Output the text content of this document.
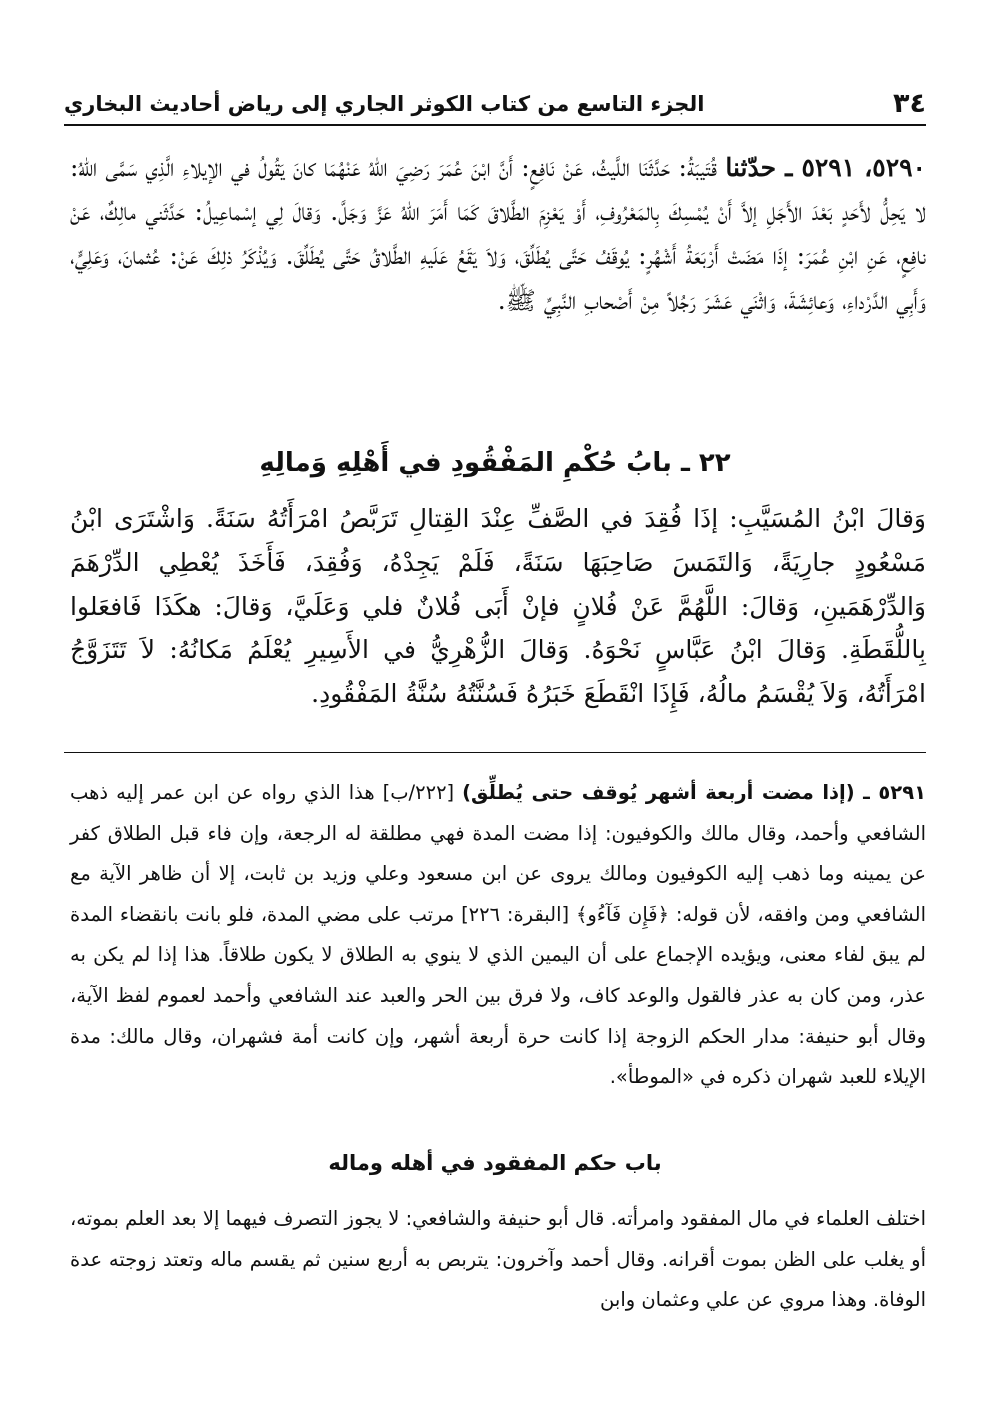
٣٤
الجزء التاسع من كتاب الكوثر الجاري إلى رياض أحاديث البخاري
٥٢٩٠، ٥٢٩١ ـ حدّثنا قُتَيبَةُ: حَدَّثَنَا اللَّيثُ، عَنْ نَافِعٍ: أَنَّ ابْنَ عُمَرَ رَضِيَ اللّهُ عَنْهُمَا كانَ يَقُولُ في الإيلاءِ الَّذِي سَمَّى اللّهُ: لا يَحِلُّ لأَحَدٍ بَعْدَ الأَجَلِ إلاَّ أَنْ يُمْسِكَ بِالمَعْرُوفِ، أَوْ يَعْزِمَ الطَّلاقَ كَمَا أَمَرَ اللّهُ عَزَّ وَجَلَّ. وَقالَ لِي إسْماعِيلُ: حَدَّثَني مالِكٌ، عَنْ نافِعٍ، عَنِ ابْنِ عُمَرَ: إذَا مَضَتْ أَرْبَعَةُ أَشْهُرٍ: يُوقَفُ حَتَّى يُطَلِّقَ، وَلاَ يَقَعُ عَلَيهِ الطَّلاقُ حَتَّى يُطَلِّقَ. وَيُذْكَرُ ذلِكَ عَنْ: عُثمانَ، وَعَلِيٍّ، وَأَبِي الدَّرْداءِ، وَعائِشَةَ، وَاثْنَي عَشَرَ رَجُلاً مِنْ أَصْحابِ النَّبِيِّ ﷺ.
٢٢ ـ بابُ حُكْمِ المَفْقُودِ في أَهْلِهِ وَمالِهِ
وَقالَ ابْنُ المُسَيَّبِ: إذَا فُقِدَ في الصَّفِّ عِنْدَ القِتالِ تَرَبَّصُ امْرَأَتُهُ سَنَةً. وَاشْتَرَى ابْنُ مَسْعُودٍ جارِيَةً، وَالتَمَسَ صَاحِبَهَا سَنَةً، فَلَمْ يَجِدْهُ، وَفُقِدَ، فَأَخَذَ يُعْطِي الدِّرْهَمَ وَالدِّرْهَمَينِ، وَقالَ: اللَّهُمَّ عَنْ فُلانٍ فإنْ أَبَى فُلانٌ فلي وَعَلَيَّ، وَقالَ: هكَذَا فَافعَلوا بِاللُّقَطَةِ. وَقالَ ابْنُ عَبَّاسٍ نَحْوَهُ. وَقالَ الزُّهْرِيُّ في الأَسِيرِ يُعْلَمُ مَكانُهُ: لاَ تَتَزَوَّجُ امْرَأَتُهُ، وَلاَ يُقْسَمُ مالُهُ، فَإِذَا انْقَطَعَ خَبَرُهُ فَسُنَّتُهُ سُنَّةُ المَفْقُودِ.
٥٢٩١ ـ (إذا مضت أربعة أشهر يُوقف حتى يُطلِّق) [٢٢٢/ب] هذا الذي رواه عن ابن عمر إليه ذهب الشافعي وأحمد، وقال مالك والكوفيون: إذا مضت المدة فهي مطلقة له الرجعة، وإن فاء قبل الطلاق كفر عن يمينه وما ذهب إليه الكوفيون ومالك يروى عن ابن مسعود وعلي وزيد بن ثابت، إلا أن ظاهر الآية مع الشافعي ومن وافقه، لأن قوله: ﴿فَإِن فَآءُو﴾ [البقرة: ٢٢٦] مرتب على مضي المدة، فلو بانت بانقضاء المدة لم يبق لفاء معنى، ويؤيده الإجماع على أن اليمين الذي لا ينوي به الطلاق لا يكون طلاقاً. هذا إذا لم يكن به عذر، ومن كان به عذر فالقول والوعد كاف، ولا فرق بين الحر والعبد عند الشافعي وأحمد لعموم لفظ الآية، وقال أبو حنيفة: مدار الحكم الزوجة إذا كانت حرة أربعة أشهر، وإن كانت أمة فشهران، وقال مالك: مدة الإيلاء للعبد شهران ذكره في «الموطأ».
باب حكم المفقود في أهله وماله
اختلف العلماء في مال المفقود وامرأته. قال أبو حنيفة والشافعي: لا يجوز التصرف فيهما إلا بعد العلم بموته، أو يغلب على الظن بموت أقرانه. وقال أحمد وآخرون: يتربص به أربع سنين ثم يقسم ماله وتعتد زوجته عدة الوفاة. وهذا مروي عن علي وعثمان وابن
